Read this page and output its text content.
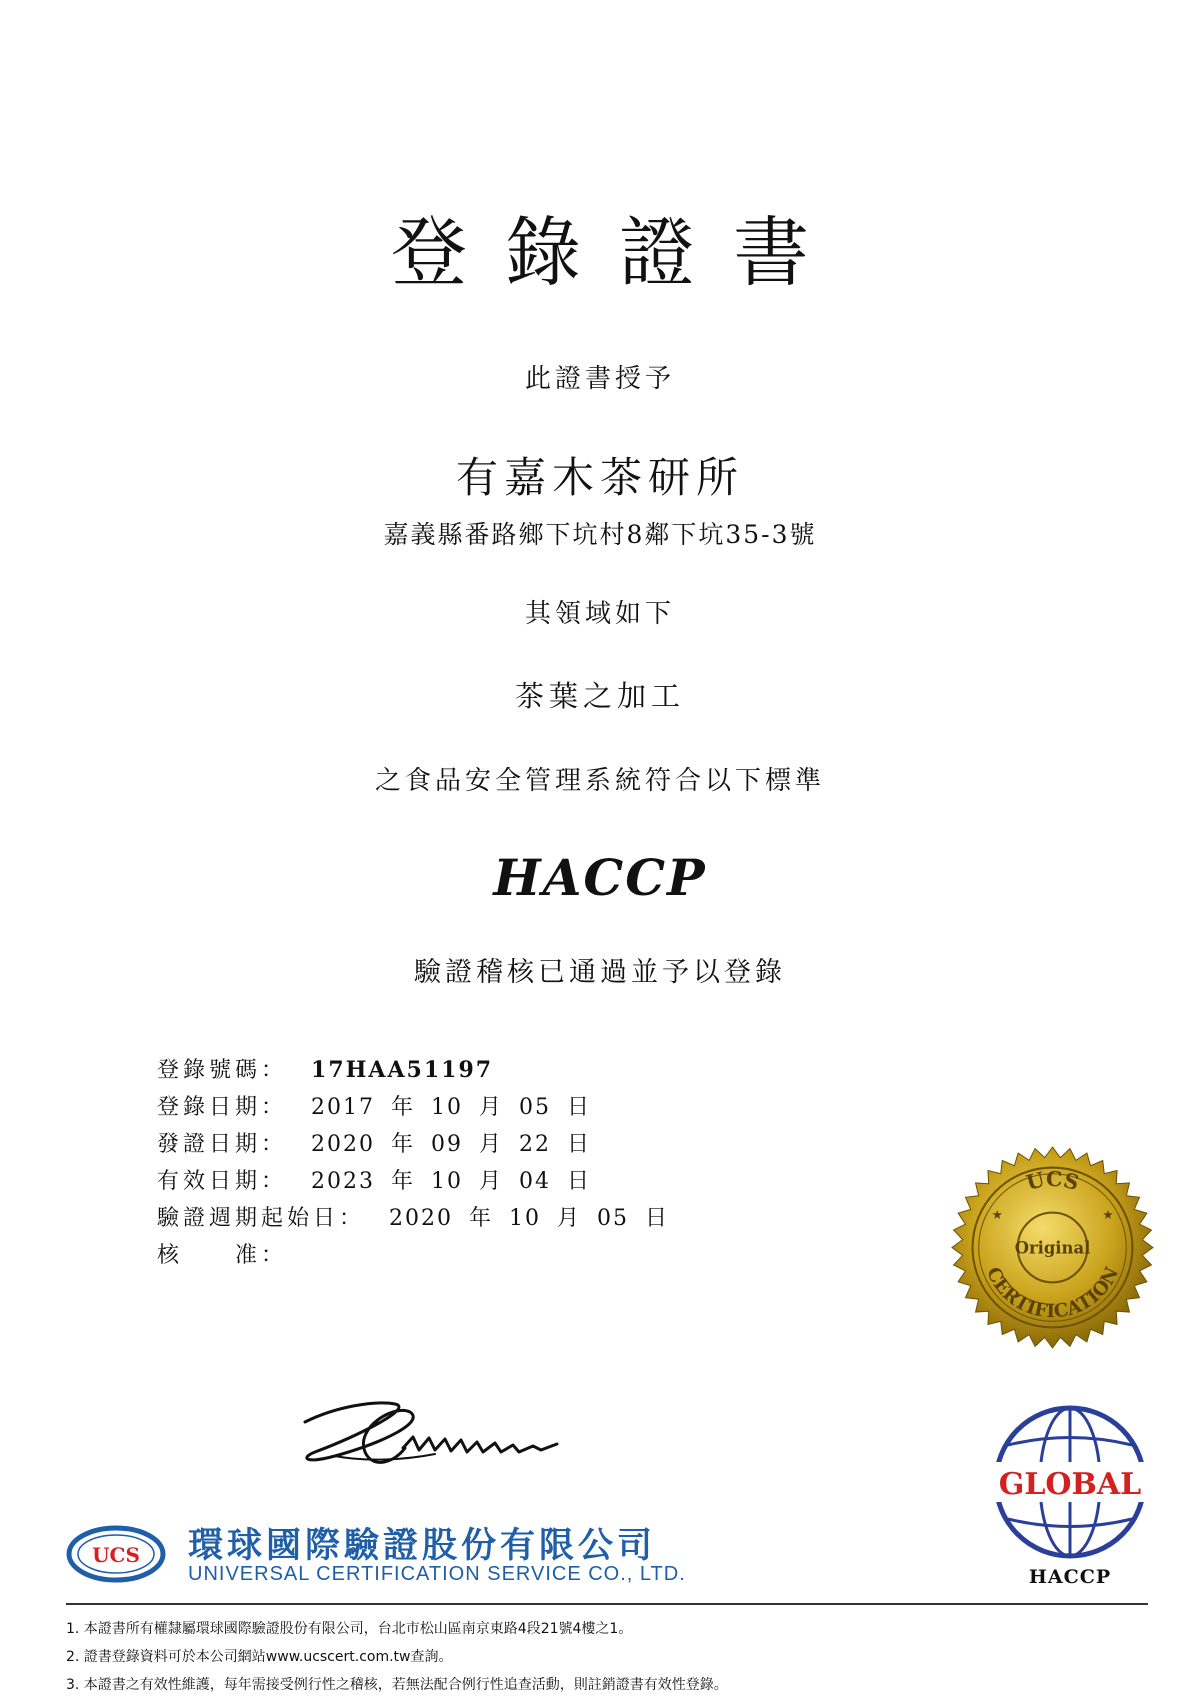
登錄證書
此證書授予
有嘉木茶研所
嘉義縣番路鄉下坑村8鄰下坑35-3號
其領域如下
茶葉之加工
之食品安全管理系統符合以下標準
HACCP
驗證稽核已通過並予以登錄
登錄號碼： 17HAA51197
登錄日期： 2017 年 10 月 05 日
發證日期： 2020 年 09 月 22 日
有效日期： 2023 年 10 月 04 日
驗證週期起始日： 2020 年 10 月 05 日
核　　准：
UCS
Original
CERTIFICATION
★	★
GLOBAL
HACCP
UCS 環球國際驗證股份有限公司
UNIVERSAL CERTIFICATION SERVICE CO., LTD.
1. 本證書所有權隸屬環球國際驗證股份有限公司，台北市松山區南京東路4段21號4樓之1。
2. 證書登錄資料可於本公司網站www.ucscert.com.tw查詢。
3. 本證書之有效性維護，每年需接受例行性之稽核，若無法配合例行性追查活動，則註銷證書有效性登錄。
